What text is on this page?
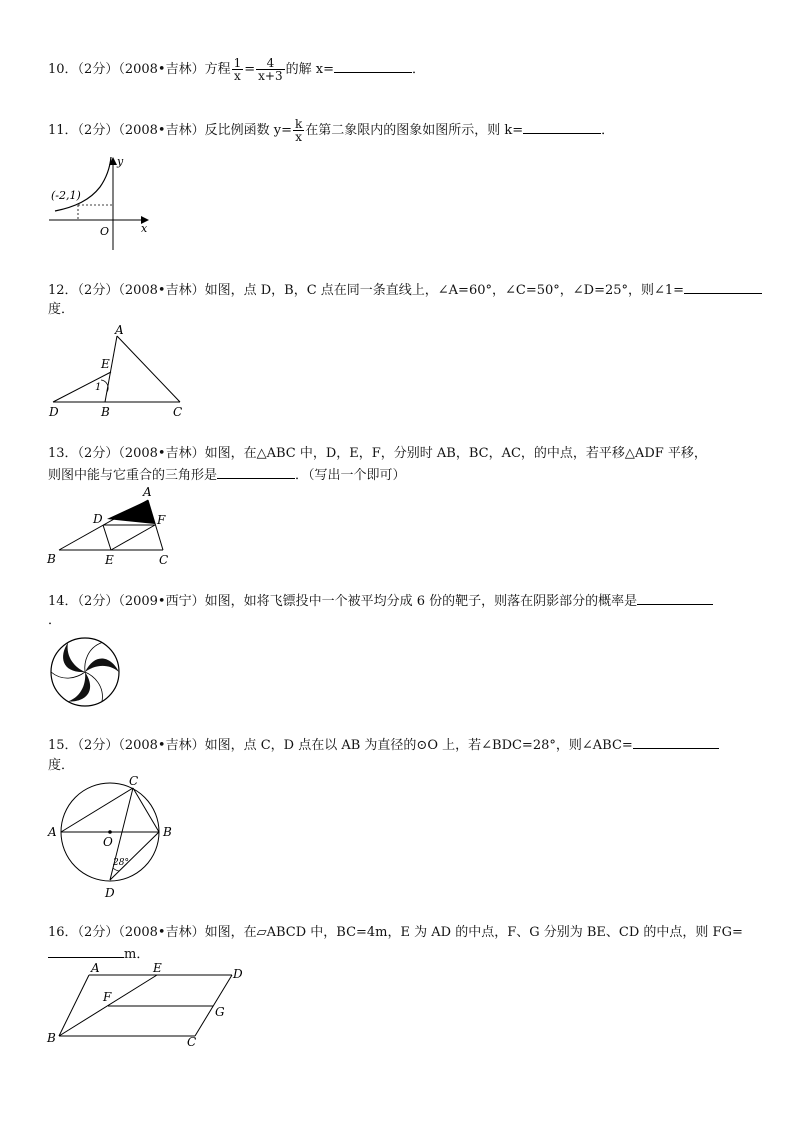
10．（2分）（2008•吉林）方程 $\frac{1}{x} = \frac{4}{x+3}$ 的解 x=	．
11．（2分）（2008•吉林）反比例函数 $y= \frac{k}{x}$ 在第二象限内的图象如图所示，则 k=	．
(-2,1)
O	x
y
12．（2分）（2008•吉林）如图，点 D，B，C 点在同一条直线上，∠A=60°，∠C=50°，∠D=25°，则∠1=
度．
A
E
1
D	B	C
13．（2分）（2008•吉林）如图，在△ABC 中，D，E，F，分别时 AB，BC，AC，的中点，若平移△ADF 平移，
则图中能与它重合的三角形是	．（写出一个即可）
A
D	F
B	E	C
14．（2分）（2009•西宁）如图，如将飞镖投中一个被平均分成 6 份的靶子，则落在阴影部分的概率是
．
15．（2分）（2008•吉林）如图，点 C，D 点在以 AB 为直径的⊙O 上，若∠BDC=28°，则∠ABC=
度．
C
A	B
O
28°
D
16．（2分）（2008•吉林）如图，在▱ABCD 中，BC=4m，E 为 AD 的中点，F、G 分别为 BE、CD 的中点，则 FG=
m．
A	E	D
F
G
B	C
